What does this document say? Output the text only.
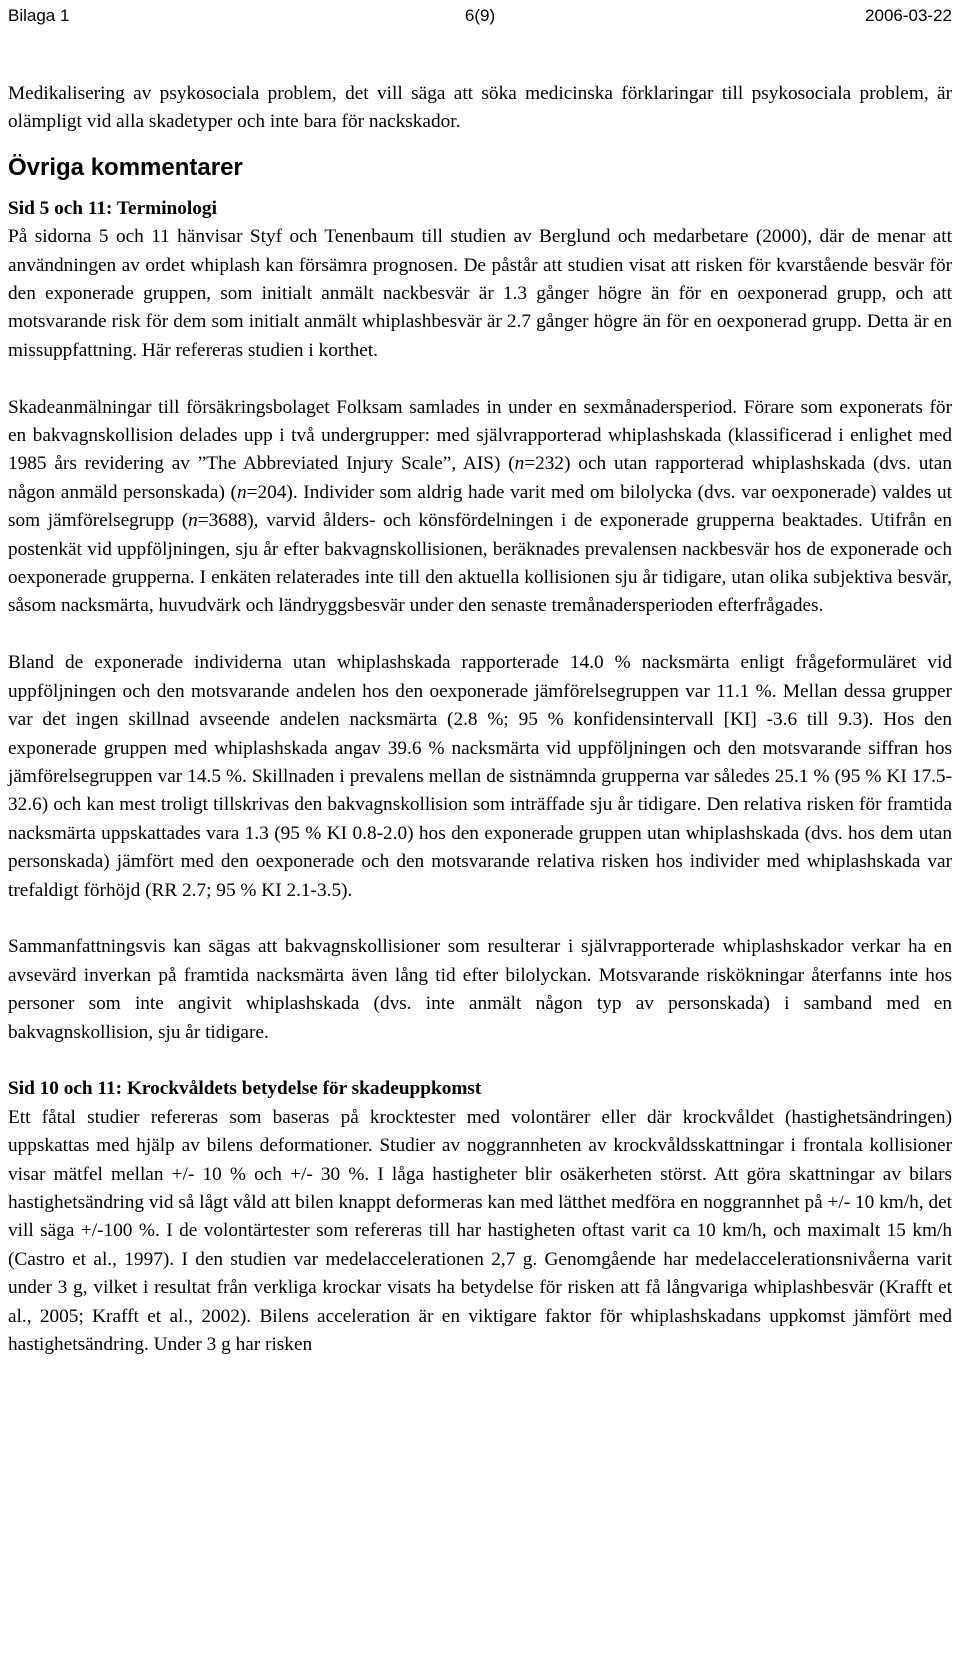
Bilaga 1	6(9)	2006-03-22

Medikalisering av psykosociala problem, det vill säga att söka medicinska förklaringar till psykosociala problem, är olämpligt vid alla skadetyper och inte bara för nackskador.

Övriga kommentarer

Sid 5 och 11: Terminologi

På sidorna 5 och 11 hänvisar Styf och Tenenbaum till studien av Berglund och medarbetare (2000), där de menar att användningen av ordet whiplash kan försämra prognosen. De påstår att studien visat att risken för kvarstående besvär för den exponerade gruppen, som initialt anmält nackbesvär är 1.3 gånger högre än för en oexponerad grupp, och att motsvarande risk för dem som initialt anmält whiplashbesvär är 2.7 gånger högre än för en oexponerad grupp. Detta är en missuppfattning. Här refereras studien i korthet.

Skadeanmälningar till försäkringsbolaget Folksam samlades in under en sexmånadersperiod. Förare som exponerats för en bakvagnskollision delades upp i två undergrupper: med självrapporterad whiplashskada (klassificerad i enlighet med 1985 års revidering av ”The Abbreviated Injury Scale”, AIS) (n=232) och utan rapporterad whiplashskada (dvs. utan någon anmäld personskada) (n=204). Individer som aldrig hade varit med om bilolycka (dvs. var oexponerade) valdes ut som jämförelsegrupp (n=3688), varvid ålders- och könsfördelningen i de exponerade grupperna beaktades. Utifrån en postenkät vid uppföljningen, sju år efter bakvagnskollisionen, beräknades prevalensen nackbesvär hos de exponerade och oexponerade grupperna. I enkäten relaterades inte till den aktuella kollisionen sju år tidigare, utan olika subjektiva besvär, såsom nacksmärta, huvudvärk och ländryggsbesvär under den senaste tremånadersperioden efterfrågades.

Bland de exponerade individerna utan whiplashskada rapporterade 14.0 % nacksmärta enligt frågeformuläret vid uppföljningen och den motsvarande andelen hos den oexponerade jämförelsegruppen var 11.1 %. Mellan dessa grupper var det ingen skillnad avseende andelen nacksmärta (2.8 %; 95 % konfidensintervall [KI] -3.6 till 9.3). Hos den exponerade gruppen med whiplashskada angav 39.6 % nacksmärta vid uppföljningen och den motsvarande siffran hos jämförelsegruppen var 14.5 %. Skillnaden i prevalens mellan de sistnämnda grupperna var således 25.1 % (95 % KI 17.5-32.6) och kan mest troligt tillskrivas den bakvagnskollision som inträffade sju år tidigare. Den relativa risken för framtida nacksmärta uppskattades vara 1.3 (95 % KI 0.8-2.0) hos den exponerade gruppen utan whiplashskada (dvs. hos dem utan personskada) jämfört med den oexponerade och den motsvarande relativa risken hos individer med whiplashskada var trefaldigt förhöjd (RR 2.7; 95 % KI 2.1-3.5).

Sammanfattningsvis kan sägas att bakvagnskollisioner som resulterar i självrapporterade whiplashskador verkar ha en avsevärd inverkan på framtida nacksmärta även lång tid efter bilolyckan. Motsvarande riskökningar återfanns inte hos personer som inte angivit whiplashskada (dvs. inte anmält någon typ av personskada) i samband med en bakvagnskollision, sju år tidigare.

Sid 10 och 11: Krockvåldets betydelse för skadeuppkomst

Ett fåtal studier refereras som baseras på krocktester med volontärer eller där krockvåldet (hastighetsändringen) uppskattas med hjälp av bilens deformationer. Studier av noggrannheten av krockvåldsskattningar i frontala kollisioner visar mätfel mellan +/- 10 % och +/- 30 %. I låga hastigheter blir osäkerheten störst. Att göra skattningar av bilars hastighetsändring vid så lågt våld att bilen knappt deformeras kan med lätthet medföra en noggrannhet på +/- 10 km/h, det vill säga +/-100 %. I de volontärtester som refereras till har hastigheten oftast varit ca 10 km/h, och maximalt 15 km/h (Castro et al., 1997). I den studien var medelaccelerationen 2,7 g. Genomgående har medelaccelerationsnivåerna varit under 3 g, vilket i resultat från verkliga krockar visats ha betydelse för risken att få långvariga whiplashbesvär (Krafft et al., 2005; Krafft et al., 2002). Bilens acceleration är en viktigare faktor för whiplashskadans uppkomst jämfört med hastighetsändring. Under 3 g har risken
